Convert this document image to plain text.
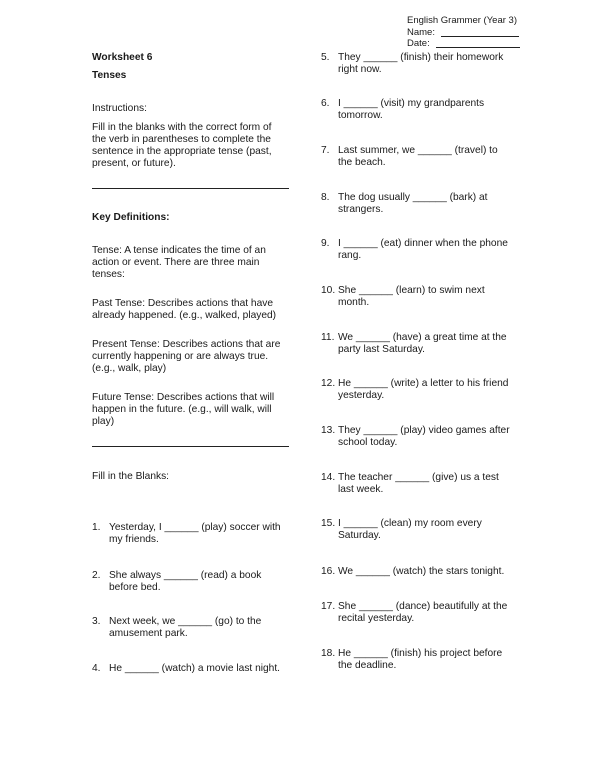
English Grammer (Year 3)
Name:
Date:
Worksheet 6
Tenses
Instructions:
Fill in the blanks with the correct form of the verb in parentheses to complete the sentence in the appropriate tense (past, present, or future).
Key Definitions:
Tense: A tense indicates the time of an action or event. There are three main tenses:
Past Tense: Describes actions that have already happened. (e.g., walked, played)
Present Tense: Describes actions that are currently happening or are always true. (e.g., walk, play)
Future Tense: Describes actions that will happen in the future. (e.g., will walk, will play)
Fill in the Blanks:
1. Yesterday, I ______ (play) soccer with my friends.
2. She always ______ (read) a book before bed.
3. Next week, we ______ (go) to the amusement park.
4. He ______ (watch) a movie last night.
5. They ______ (finish) their homework right now.
6. I ______ (visit) my grandparents tomorrow.
7. Last summer, we ______ (travel) to the beach.
8. The dog usually ______ (bark) at strangers.
9. I ______ (eat) dinner when the phone rang.
10. She ______ (learn) to swim next month.
11. We ______ (have) a great time at the party last Saturday.
12. He ______ (write) a letter to his friend yesterday.
13. They ______ (play) video games after school today.
14. The teacher ______ (give) us a test last week.
15. I ______ (clean) my room every Saturday.
16. We ______ (watch) the stars tonight.
17. She ______ (dance) beautifully at the recital yesterday.
18. He ______ (finish) his project before the deadline.
